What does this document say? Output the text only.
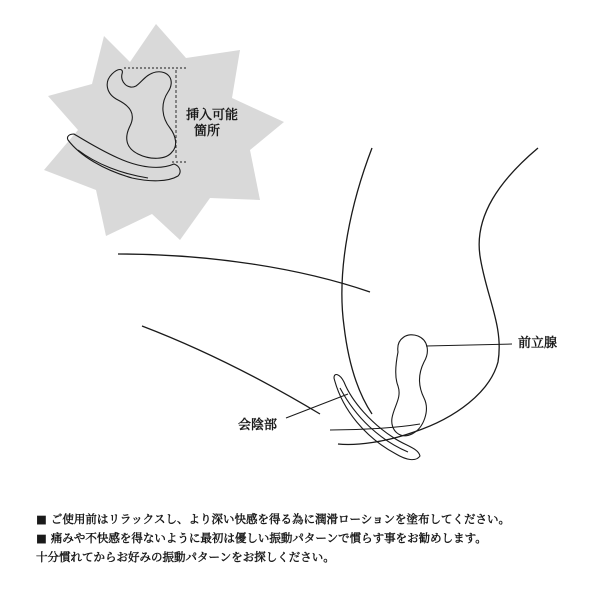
挿入可能
箇所
前立腺
会陰部
■ ご使用前はリラックスし、より深い快感を得る為に潤滑ローションを塗布してください。
■ 痛みや不快感を得ないように最初は優しい振動パターンで慣らす事をお勧めします。
十分慣れてからお好みの振動パターンをお探しください。
